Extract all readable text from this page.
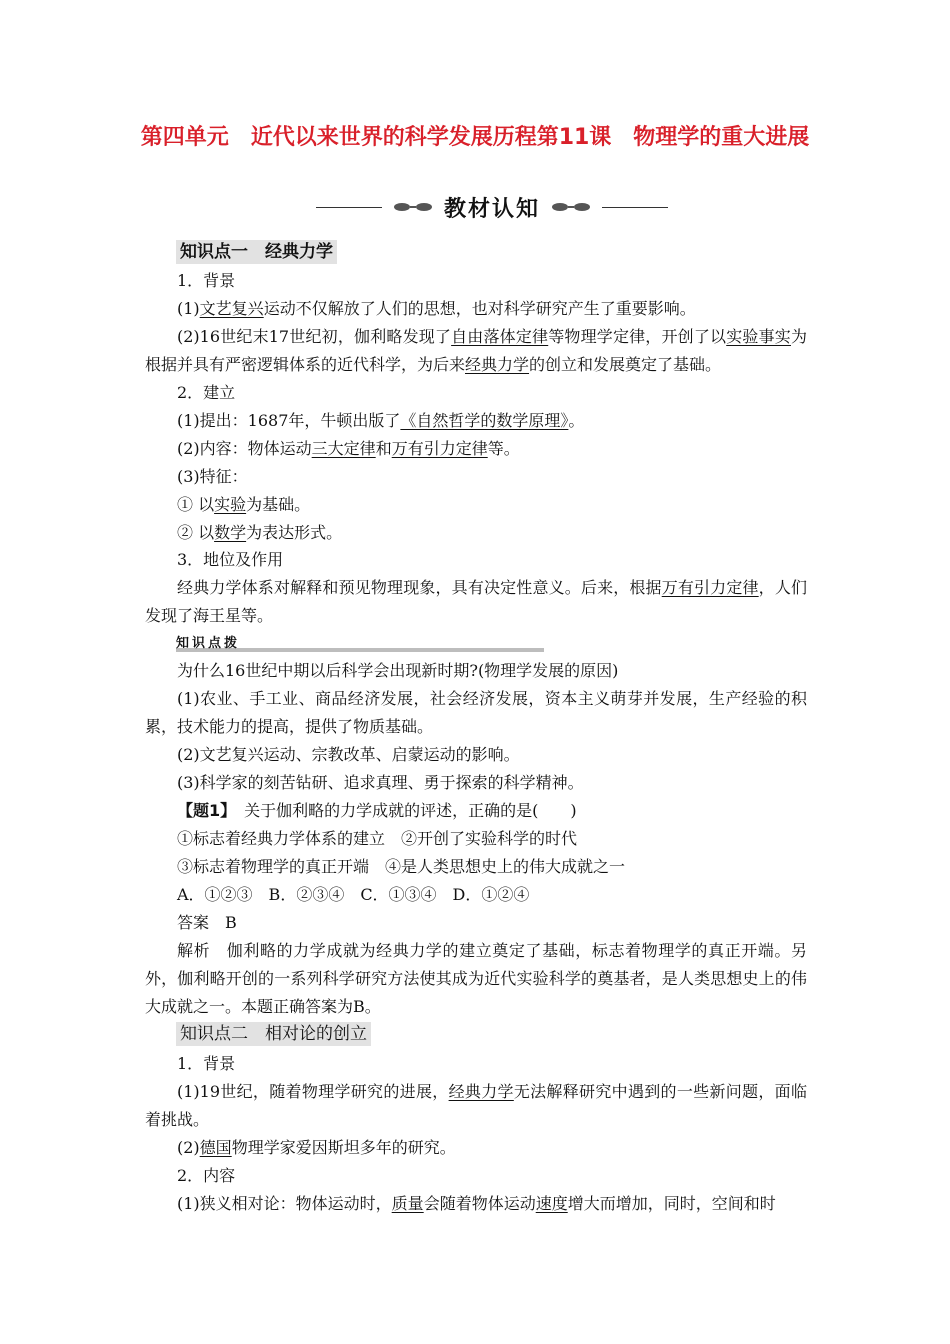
第四单元　近代以来世界的科学发展历程第11课　物理学的重大进展
教材认知
知识点一　经典力学
1．背景
(1)文艺复兴运动不仅解放了人们的思想，也对科学研究产生了重要影响。
(2)16世纪末17世纪初，伽利略发现了自由落体定律等物理学定律，开创了以实验事实为根据并具有严密逻辑体系的近代科学，为后来经典力学的创立和发展奠定了基础。
2．建立
(1)提出：1687年，牛顿出版了《自然哲学的数学原理》。
(2)内容：物体运动三大定律和万有引力定律等。
(3)特征：
① 以实验为基础。
② 以数学为表达形式。
3．地位及作用
经典力学体系对解释和预见物理现象，具有决定性意义。后来，根据万有引力定律，人们发现了海王星等。
知识点拨
为什么16世纪中期以后科学会出现新时期?(物理学发展的原因)
(1)农业、手工业、商品经济发展，社会经济发展，资本主义萌芽并发展，生产经验的积累，技术能力的提高，提供了物质基础。
(2)文艺复兴运动、宗教改革、启蒙运动的影响。
(3)科学家的刻苦钻研、追求真理、勇于探索的科学精神。
【题1】　关于伽利略的力学成就的评述，正确的是(　　)
①标志着经典力学体系的建立　②开创了实验科学的时代
③标志着物理学的真正开端　④是人类思想史上的伟大成就之一
A．①②③　B．②③④　C．①③④　D．①②④
答案　B
解析　伽利略的力学成就为经典力学的建立奠定了基础，标志着物理学的真正开端。另外，伽利略开创的一系列科学研究方法使其成为近代实验科学的奠基者，是人类思想史上的伟大成就之一。本题正确答案为B。
知识点二　相对论的创立
1．背景
(1)19世纪，随着物理学研究的进展，经典力学无法解释研究中遇到的一些新问题，面临着挑战。
(2)德国物理学家爱因斯坦多年的研究。
2．内容
(1)狭义相对论：物体运动时，质量会随着物体运动速度增大而增加，同时，空间和时
